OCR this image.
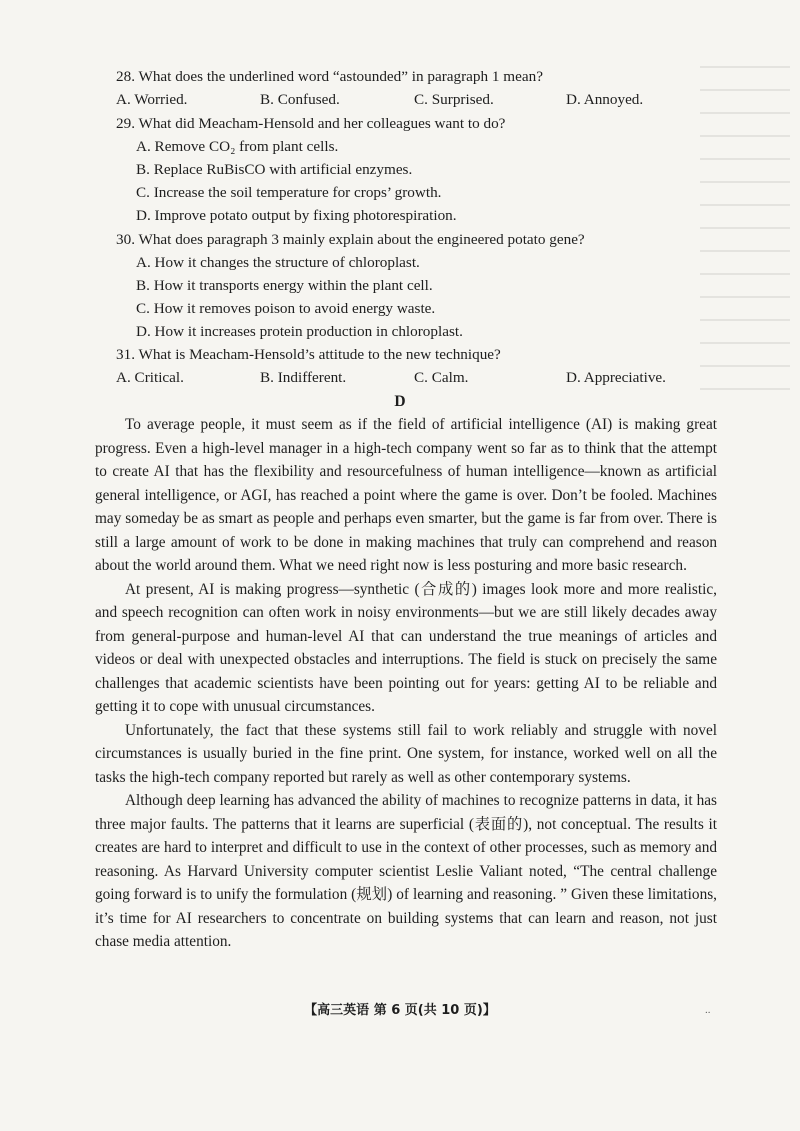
28. What does the underlined word “astounded” in paragraph 1 mean?
A. Worried.	B. Confused.	C. Surprised.	D. Annoyed.
29. What did Meacham-Hensold and her colleagues want to do?
A. Remove CO₂ from plant cells.
B. Replace RuBisCO with artificial enzymes.
C. Increase the soil temperature for crops’ growth.
D. Improve potato output by fixing photorespiration.
30. What does paragraph 3 mainly explain about the engineered potato gene?
A. How it changes the structure of chloroplast.
B. How it transports energy within the plant cell.
C. How it removes poison to avoid energy waste.
D. How it increases protein production in chloroplast.
31. What is Meacham-Hensold’s attitude to the new technique?
A. Critical.	B. Indifferent.	C. Calm.	D. Appreciative.
D

To average people, it must seem as if the field of artificial intelligence (AI) is making great progress. Even a high-level manager in a high-tech company went so far as to think that the attempt to create AI that has the flexibility and resourcefulness of human intelligence—known as artificial general intelligence, or AGI, has reached a point where the game is over. Don’t be fooled. Machines may someday be as smart as people and perhaps even smarter, but the game is far from over. There is still a large amount of work to be done in making machines that truly can comprehend and reason about the world around them. What we need right now is less posturing and more basic research.

At present, AI is making progress—synthetic (合成的) images look more and more realistic, and speech recognition can often work in noisy environments—but we are still likely decades away from general-purpose and human-level AI that can understand the true meanings of articles and videos or deal with unexpected obstacles and interruptions. The field is stuck on precisely the same challenges that academic scientists have been pointing out for years: getting AI to be reliable and getting it to cope with unusual circumstances.

Unfortunately, the fact that these systems still fail to work reliably and struggle with novel circumstances is usually buried in the fine print. One system, for instance, worked well on all the tasks the high-tech company reported but rarely as well as other contemporary systems.

Although deep learning has advanced the ability of machines to recognize patterns in data, it has three major faults. The patterns that it learns are superficial (表面的), not conceptual. The results it creates are hard to interpret and difficult to use in the context of other processes, such as memory and reasoning. As Harvard University computer scientist Leslie Valiant noted, “The central challenge going forward is to unify the formulation (规划) of learning and reasoning. ” Given these limitations, it’s time for AI researchers to concentrate on building systems that can learn and reason, not just chase media attention.

【高三英语 第 6 页(共 10 页)】	..
